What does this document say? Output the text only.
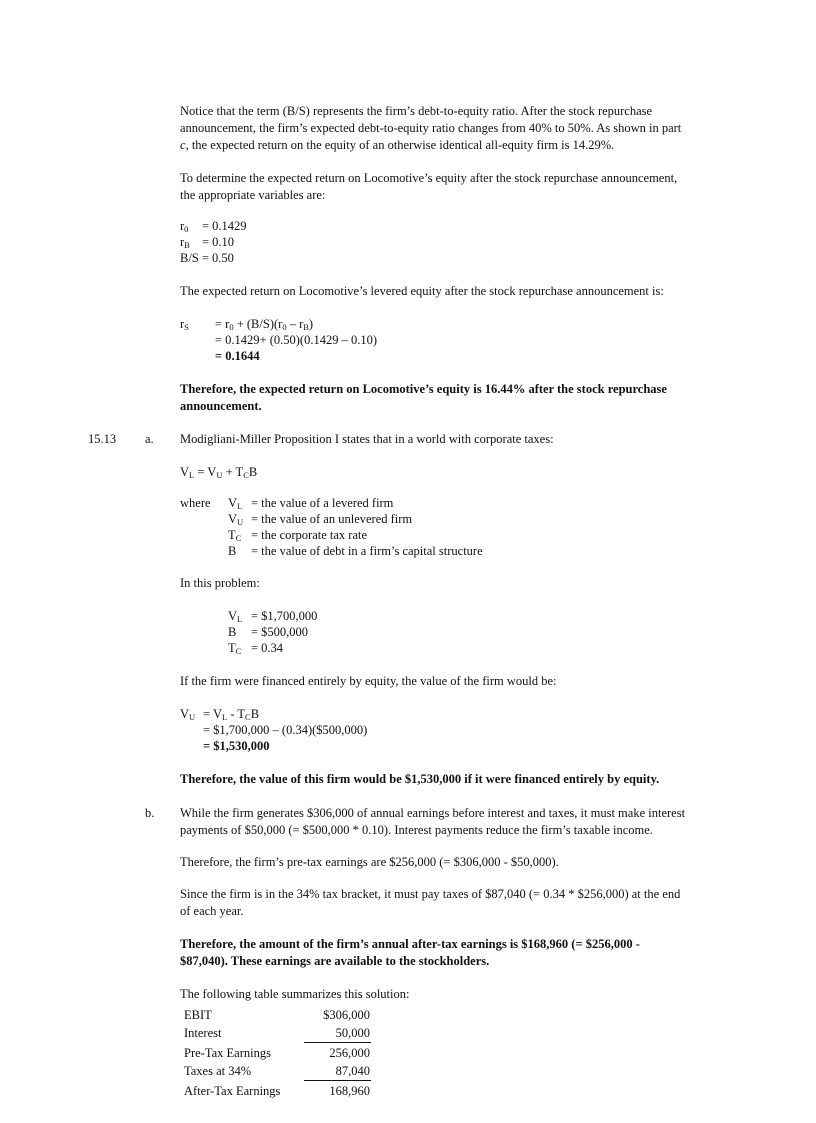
Notice that the term (B/S) represents the firm’s debt-to-equity ratio. After the stock repurchase
announcement, the firm’s expected debt-to-equity ratio changes from 40% to 50%. As shown in part
c, the expected return on the equity of an otherwise identical all-equity firm is 14.29%.
To determine the expected return on Locomotive’s equity after the stock repurchase announcement,
the appropriate variables are:
$r_0 = 0.1429$
$r_B = 0.10$
B/S = 0.50
The expected return on Locomotive’s levered equity after the stock repurchase announcement is:
$r_S = r_0 + (B/S)(r_0 - r_B)$
= 0.1429+ (0.50)(0.1429 – 0.10)
= 0.1644
Therefore, the expected return on Locomotive’s equity is 16.44% after the stock repurchase
announcement.
15.13 a. Modigliani-Miller Proposition I states that in a world with corporate taxes:
$V_L = V_U + T_CB$
where $V_L$ = the value of a levered firm
$V_U$ = the value of an unlevered firm
$T_C$ = the corporate tax rate
B = the value of debt in a firm’s capital structure
In this problem:
$V_L$ = $1,700,000
B = $500,000
$T_C = 0.34$
If the firm were financed entirely by equity, the value of the firm would be:
$V_U = V_L - T_CB$
= $1,700,000 – (0.34)($500,000)
= $1,530,000
Therefore, the value of this firm would be $1,530,000 if it were financed entirely by equity.
b. While the firm generates $306,000 of annual earnings before interest and taxes, it must make interest
payments of $50,000 (= $500,000 * 0.10). Interest payments reduce the firm’s taxable income.
Therefore, the firm’s pre-tax earnings are $256,000 (= $306,000 - $50,000).
Since the firm is in the 34% tax bracket, it must pay taxes of $87,040 (= 0.34 * $256,000) at the end
of each year.
Therefore, the amount of the firm’s annual after-tax earnings is $168,960 (= $256,000 -
$87,040). These earnings are available to the stockholders.
The following table summarizes this solution:
EBIT	$306,000
Interest	50,000
Pre-Tax Earnings	256,000
Taxes at 34%	87,040
After-Tax Earnings	168,960
